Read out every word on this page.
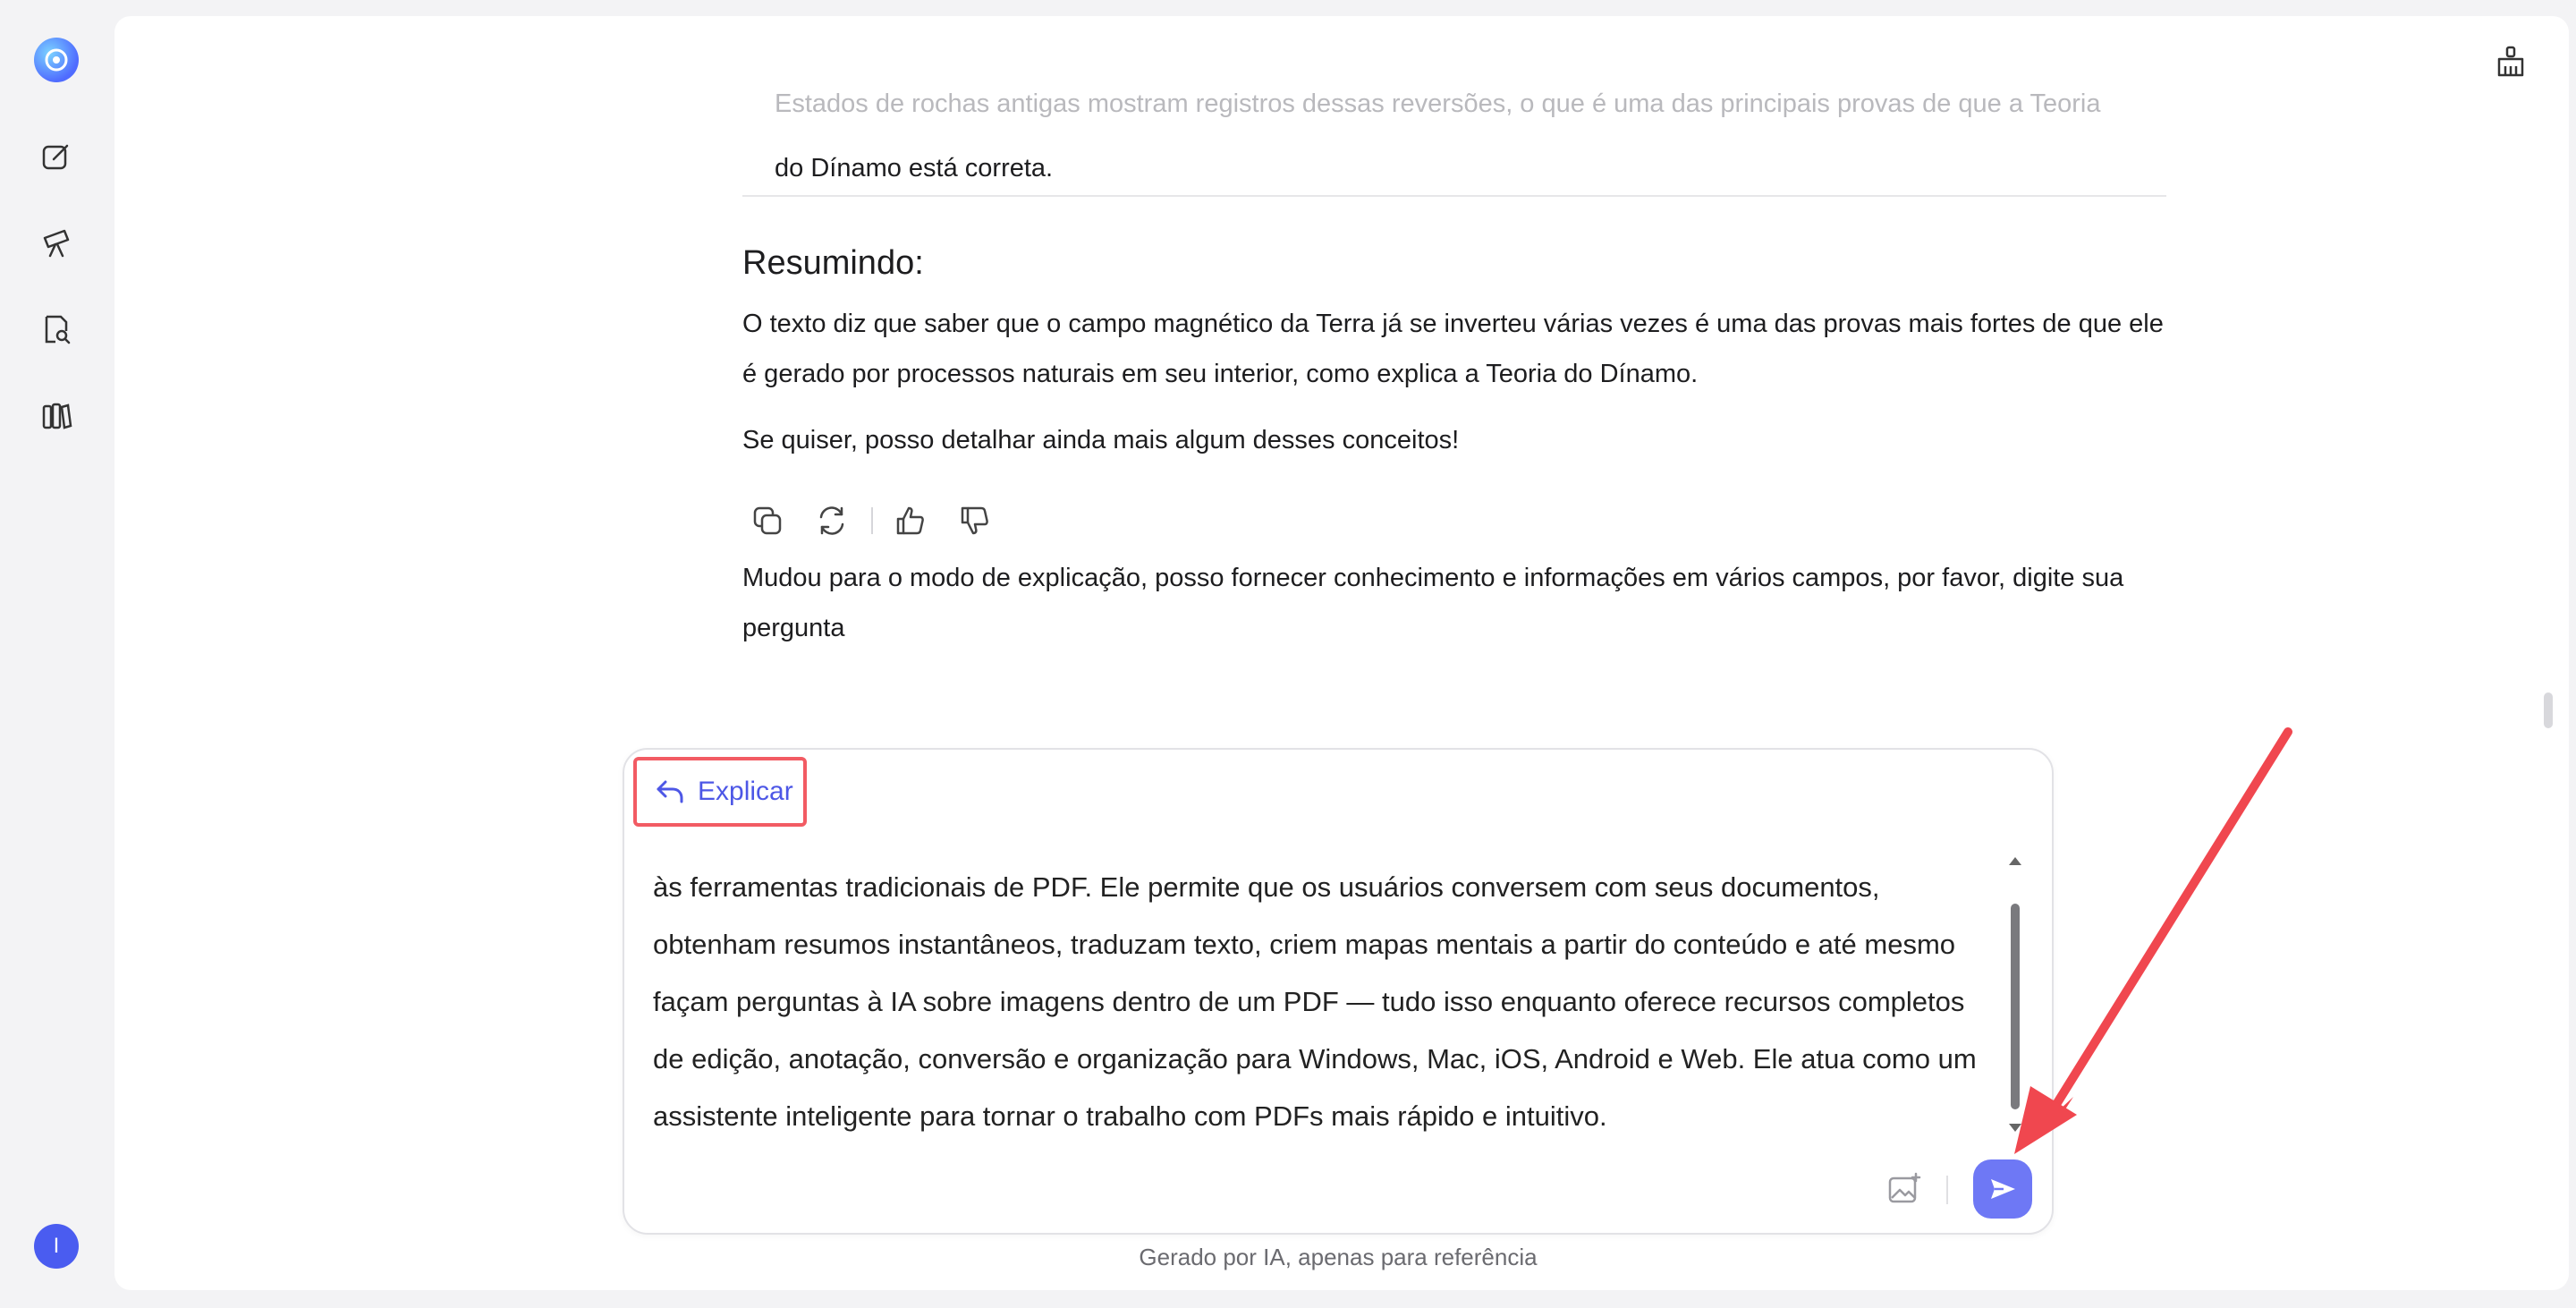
I
Estados de rochas antigas mostram registros dessas reversões, o que é uma das principais provas de que a Teoria
do Dínamo está correta.
Resumindo:
O texto diz que saber que o campo magnético da Terra já se inverteu várias vezes é uma das provas mais fortes de que ele é gerado por processos naturais em seu interior, como explica a Teoria do Dínamo.
Se quiser, posso detalhar ainda mais algum desses conceitos!
Mudou para o modo de explicação, posso fornecer conhecimento e informações em vários campos, por favor, digite sua pergunta
Explicar
às ferramentas tradicionais de PDF. Ele permite que os usuários conversem com seus documentos, obtenham resumos instantâneos, traduzam texto, criem mapas mentais a partir do conteúdo e até mesmo façam perguntas à IA sobre imagens dentro de um PDF — tudo isso enquanto oferece recursos completos de edição, anotação, conversão e organização para Windows, Mac, iOS, Android e Web. Ele atua como um assistente inteligente para tornar o trabalho com PDFs mais rápido e intuitivo.
Gerado por IA, apenas para referência
